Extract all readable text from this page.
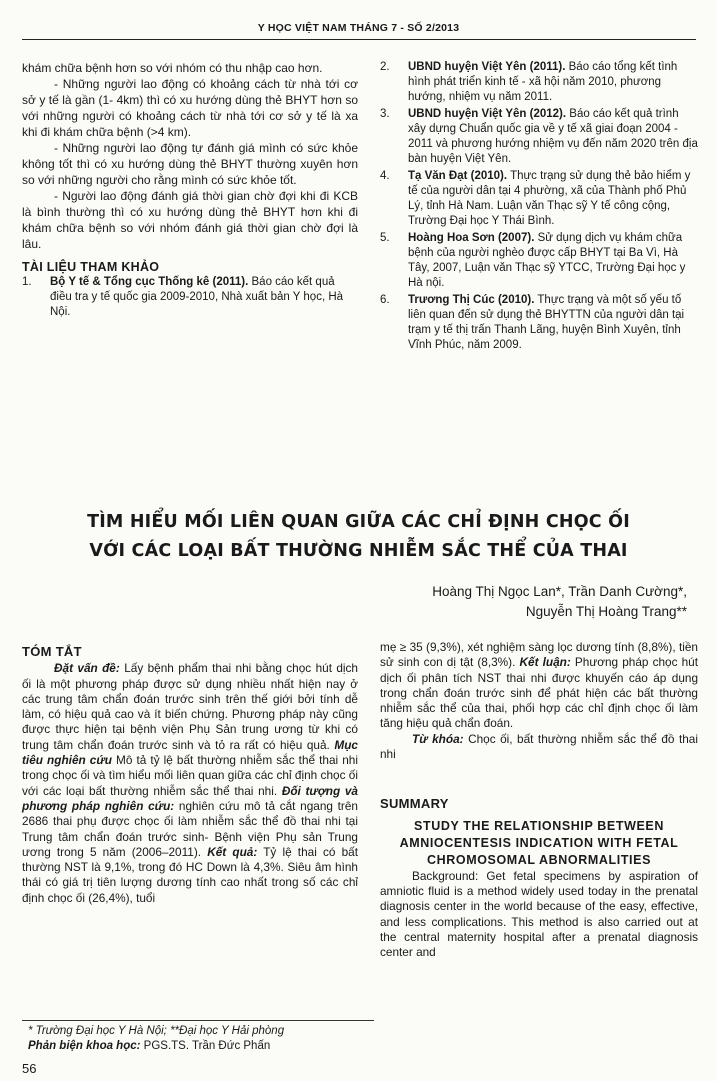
Y HỌC VIỆT NAM THÁNG 7 - SỐ 2/2013

khám chữa bệnh hơn so với nhóm có thu nhập cao hơn.

- Những người lao động có khoảng cách từ nhà tới cơ sở y tế là gần (1- 4km) thì có xu hướng dùng thẻ BHYT hơn so với những người có khoảng cách từ nhà tới cơ sở y tế là xa khi đi khám chữa bệnh (>4 km).

- Những người lao động tự đánh giá mình có sức khỏe không tốt thì có xu hướng dùng thẻ BHYT thường xuyên hơn so với những người cho rằng mình có sức khỏe tốt.

- Người lao động đánh giá thời gian chờ đợi khi đi KCB là bình thường thì có xu hướng dùng thẻ BHYT hơn khi đi khám chữa bệnh so với nhóm đánh giá thời gian chờ đợi là lâu.

TÀI LIỆU THAM KHẢO
1.	Bộ Y tế & Tổng cục Thống kê (2011). Báo cáo kết quả điều tra y tế quốc gia 2009-2010, Nhà xuất bản Y học, Hà Nội.
2.	UBND huyện Việt Yên (2011). Báo cáo tổng kết tình hình phát triển kinh tế - xã hội năm 2010, phương hướng, nhiệm vụ năm 2011.
3.	UBND huyện Việt Yên (2012). Báo cáo kết quả trình xây dựng Chuẩn quốc gia về y tế xã giai đoạn 2004 - 2011 và phương hướng nhiệm vụ đến năm 2020 trên địa bàn huyện Việt Yên.
4.	Tạ Văn Đạt (2010). Thực trạng sử dụng thẻ bảo hiểm y tế của người dân tại 4 phường, xã của Thành phố Phủ Lý, tỉnh Hà Nam. Luận văn Thạc sỹ Y tế công cộng, Trường Đại học Y Thái Bình.
5.	Hoàng Hoa Sơn (2007). Sử dụng dịch vụ khám chữa bệnh của người nghèo được cấp BHYT tại Ba Vì, Hà Tây, 2007, Luận văn Thạc sỹ YTCC, Trường Đại học y Hà nội.
6.	Trương Thị Cúc (2010). Thực trạng và một số yếu tố liên quan đến sử dụng thẻ BHYTTN của người dân tại trạm y tế thị trấn Thanh Lãng, huyện Bình Xuyên, tỉnh Vĩnh Phúc, năm 2009.
TÌM HIỂU MỐI LIÊN QUAN GIỮA CÁC CHỈ ĐỊNH CHỌC ỐI
VỚI CÁC LOẠI BẤT THƯỜNG NHIỄM SẮC THỂ CỦA THAI
Hoàng Thị Ngọc Lan*, Trần Danh Cường*,
Nguyễn Thị Hoàng Trang**
TÓM TẮT

Đặt vấn đề: Lấy bệnh phẩm thai nhi bằng chọc hút dịch ối là một phương pháp được sử dụng nhiều nhất hiện nay ở các trung tâm chẩn đoán trước sinh trên thế giới bởi tính dễ làm, có hiệu quả cao và ít biến chứng. Phương pháp này cũng được thực hiện tại bệnh viện Phụ Sản trung ương từ khi có trung tâm chẩn đoán trước sinh và tỏ ra rất có hiệu quả. Mục tiêu nghiên cứu Mô tả tỷ lệ bất thường nhiễm sắc thể thai nhi trong chọc ối và tìm hiểu mối liên quan giữa các chỉ định chọc ối với các loại bất thường nhiễm sắc thể thai nhi. Đối tượng và phương pháp nghiên cứu: nghiên cứu mô tả cắt ngang trên 2686 thai phụ được chọc ối làm nhiễm sắc thể đồ thai nhi tại Trung tâm chẩn đoán trước sinh- Bệnh viện Phụ sản Trung ương trong 5 năm (2006–2011). Kết quả: Tỷ lệ thai có bất thường NST là 9,1%, trong đó HC Down là 4,3%. Siêu âm hình thái có giá trị tiên lượng dương tính cao nhất trong số các chỉ định chọc ối (26,4%), tuổi

mẹ ≥ 35 (9,3%), xét nghiệm sàng lọc dương tính (8,8%), tiền sử sinh con dị tật (8,3%). Kết luận: Phương pháp chọc hút dịch ối phân tích NST thai nhi được khuyến cáo áp dụng trong chẩn đoán trước sinh để phát hiện các bất thường nhiễm sắc thể của thai, phối hợp các chỉ định chọc ối làm tăng hiệu quả chẩn đoán.

Từ khóa: Chọc ối, bất thường nhiễm sắc thể đồ thai nhi

SUMMARY
STUDY THE RELATIONSHIP BETWEEN
AMNIOCENTESIS INDICATION WITH FETAL
CHROMOSOMAL ABNORMALITIES

Background: Get fetal specimens by aspiration of amniotic fluid is a method widely used today in the prenatal diagnosis center in the world because of the easy, effective, and less complications. This method is also carried out at the central maternity hospital after a prenatal diagnosis center and

* Trường Đại học Y Hà Nội; **Đại học Y Hải phòng
Phản biện khoa học: PGS.TS. Trần Đức Phấn
56
